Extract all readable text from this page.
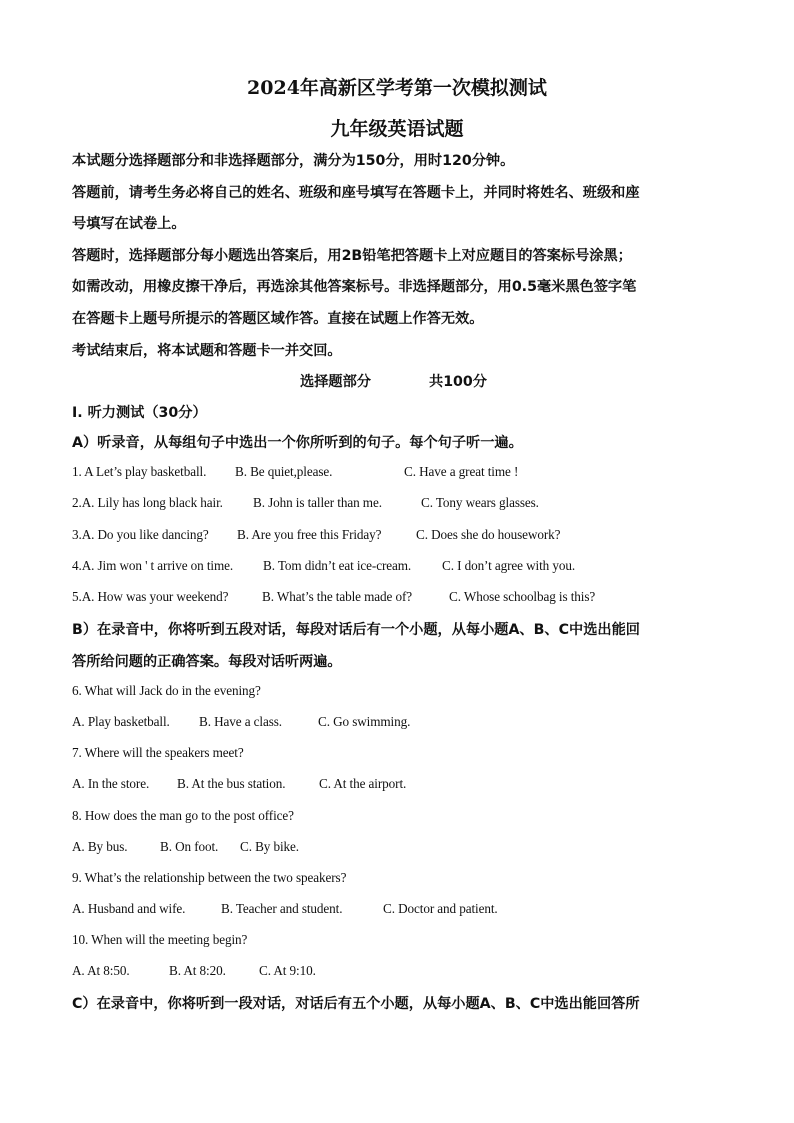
2024年高新区学考第一次模拟测试
九年级英语试题
本试题分选择题部分和非选择题部分，满分为150分，用时120分钟。
答题前，请考生务必将自己的姓名、班级和座号填写在答题卡上，并同时将姓名、班级和座
号填写在试卷上。
答题时，选择题部分每小题选出答案后，用2B铅笔把答题卡上对应题目的答案标号涂黑；
如需改动，用橡皮擦干净后，再选涂其他答案标号。非选择题部分，用0.5毫米黑色签字笔
在答题卡上题号所提示的答题区域作答。直接在试题上作答无效。
考试结束后，将本试题和答题卡一并交回。
选择题部分	共100分
I. 听力测试（30分）
A）听录音，从每组句子中选出一个你所听到的句子。每个句子听一遍。
1. A Let’s play basketball. B. Be quiet,please.	C. Have a great time !
2.A. Lily has long black hair. B. John is taller than me.	C. Tony wears glasses.
3.A. Do you like dancing? B. Are you free this Friday?	C. Does she do housework?
4.A. Jim won ' t arrive on time. B. Tom didn’t eat ice-cream. C. I don’t agree with you.
5.A. How was your weekend?	B. What’s the table made of?	C. Whose schoolbag is this?
B）在录音中，你将听到五段对话，每段对话后有一个小题，从每小题A、B、C中选出能回
答所给问题的正确答案。每段对话听两遍。
6. What will Jack do in the evening?
A. Play basketball. B. Have a class.	C. Go swimming.
7. Where will the speakers meet?
A. In the store. B. At the bus station.	C. At the airport.
8. How does the man go to the post office?
A. By bus. B. On foot. C. By bike.
9. What’s the relationship between the two speakers?
A. Husband and wife.	B. Teacher and student.	C. Doctor and patient.
10. When will the meeting begin?
A. At 8:50.	B. At 8:20.	C. At 9:10.
C）在录音中，你将听到一段对话，对话后有五个小题，从每小题A、B、C中选出能回答所
